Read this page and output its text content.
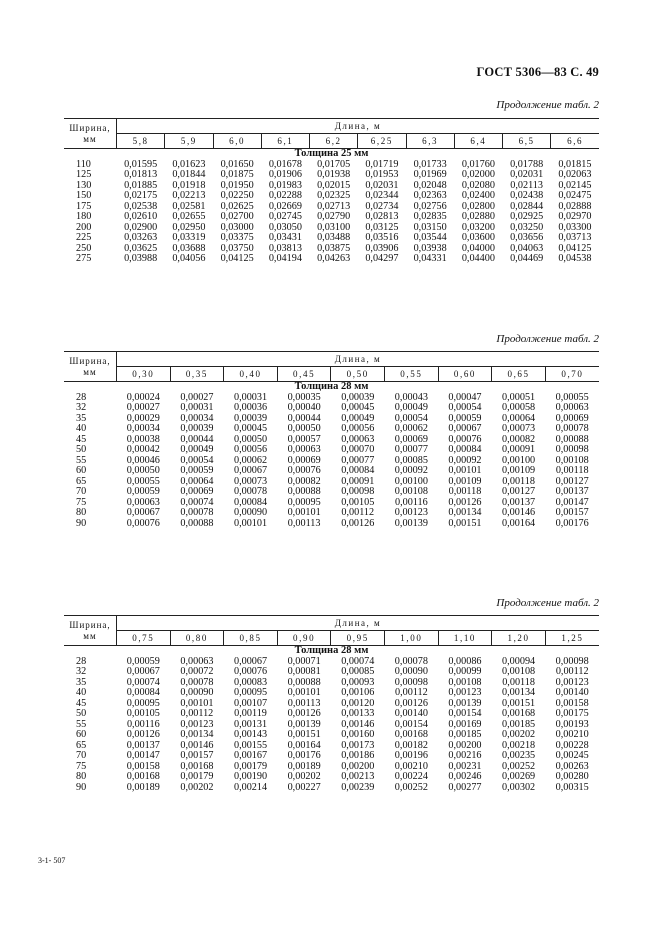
ГОСТ 5306—83 С. 49
Продолжение табл. 2
Ширина,
мм	Длина, м									
	5,8	5,9	6,0	6,1	6,2	6,25	6,3	6,4	6,5	6,6
Толщина 25 мм										
110	0,01595	0,01623	0,01650	0,01678	0,01705	0,01719	0,01733	0,01760	0,01788	0,01815
125	0,01813	0,01844	0,01875	0,01906	0,01938	0,01953	0,01969	0,02000	0,02031	0,02063
130	0,01885	0,01918	0,01950	0,01983	0,02015	0,02031	0,02048	0,02080	0,02113	0,02145
150	0,02175	0,02213	0,02250	0,02288	0,02325	0,02344	0,02363	0,02400	0,02438	0,02475
175	0,02538	0,02581	0,02625	0,02669	0,02713	0,02734	0,02756	0,02800	0,02844	0,02888
180	0,02610	0,02655	0,02700	0,02745	0,02790	0,02813	0,02835	0,02880	0,02925	0,02970
200	0,02900	0,02950	0,03000	0,03050	0,03100	0,03125	0,03150	0,03200	0,03250	0,03300
225	0,03263	0,03319	0,03375	0,03431	0,03488	0,03516	0,03544	0,03600	0,03656	0,03713
250	0,03625	0,03688	0,03750	0,03813	0,03875	0,03906	0,03938	0,04000	0,04063	0,04125
275	0,03988	0,04056	0,04125	0,04194	0,04263	0,04297	0,04331	0,04400	0,04469	0,04538
Продолжение табл. 2
Ширина,
мм	Длина, м								
	0,30	0,35	0,40	0,45	0,50	0,55	0,60	0,65	0,70
Толщина 28 мм									
28	0,00024	0,00027	0,00031	0,00035	0,00039	0,00043	0,00047	0,00051	0,00055
32	0,00027	0,00031	0,00036	0,00040	0,00045	0,00049	0,00054	0,00058	0,00063
35	0,00029	0,00034	0,00039	0,00044	0,00049	0,00054	0,00059	0,00064	0,00069
40	0,00034	0,00039	0,00045	0,00050	0,00056	0,00062	0,00067	0,00073	0,00078
45	0,00038	0,00044	0,00050	0,00057	0,00063	0,00069	0,00076	0,00082	0,00088
50	0,00042	0,00049	0,00056	0,00063	0,00070	0,00077	0,00084	0,00091	0,00098
55	0,00046	0,00054	0,00062	0,00069	0,00077	0,00085	0,00092	0,00100	0,00108
60	0,00050	0,00059	0,00067	0,00076	0,00084	0,00092	0,00101	0,00109	0,00118
65	0,00055	0,00064	0,00073	0,00082	0,00091	0,00100	0,00109	0,00118	0,00127
70	0,00059	0,00069	0,00078	0,00088	0,00098	0,00108	0,00118	0,00127	0,00137
75	0,00063	0,00074	0,00084	0,00095	0,00105	0,00116	0,00126	0,00137	0,00147
80	0,00067	0,00078	0,00090	0,00101	0,00112	0,00123	0,00134	0,00146	0,00157
90	0,00076	0,00088	0,00101	0,00113	0,00126	0,00139	0,00151	0,00164	0,00176
Продолжение табл. 2
Ширина,
мм	Длина, м								
	0,75	0,80	0,85	0,90	0,95	1,00	1,10	1,20	1,25
Толщина 28 мм									
28	0,00059	0,00063	0,00067	0,00071	0,00074	0,00078	0,00086	0,00094	0,00098
32	0,00067	0,00072	0,00076	0,00081	0,00085	0,00090	0,00099	0,00108	0,00112
35	0,00074	0,00078	0,00083	0,00088	0,00093	0,00098	0,00108	0,00118	0,00123
40	0,00084	0,00090	0,00095	0,00101	0,00106	0,00112	0,00123	0,00134	0,00140
45	0,00095	0,00101	0,00107	0,00113	0,00120	0,00126	0,00139	0,00151	0,00158
50	0,00105	0,00112	0,00119	0,00126	0,00133	0,00140	0,00154	0,00168	0,00175
55	0,00116	0,00123	0,00131	0,00139	0,00146	0,00154	0,00169	0,00185	0,00193
60	0,00126	0,00134	0,00143	0,00151	0,00160	0,00168	0,00185	0,00202	0,00210
65	0,00137	0,00146	0,00155	0,00164	0,00173	0,00182	0,00200	0,00218	0,00228
70	0,00147	0,00157	0,00167	0,00176	0,00186	0,00196	0,00216	0,00235	0,00245
75	0,00158	0,00168	0,00179	0,00189	0,00200	0,00210	0,00231	0,00252	0,00263
80	0,00168	0,00179	0,00190	0,00202	0,00213	0,00224	0,00246	0,00269	0,00280
90	0,00189	0,00202	0,00214	0,00227	0,00239	0,00252	0,00277	0,00302	0,00315
3-1- 507
